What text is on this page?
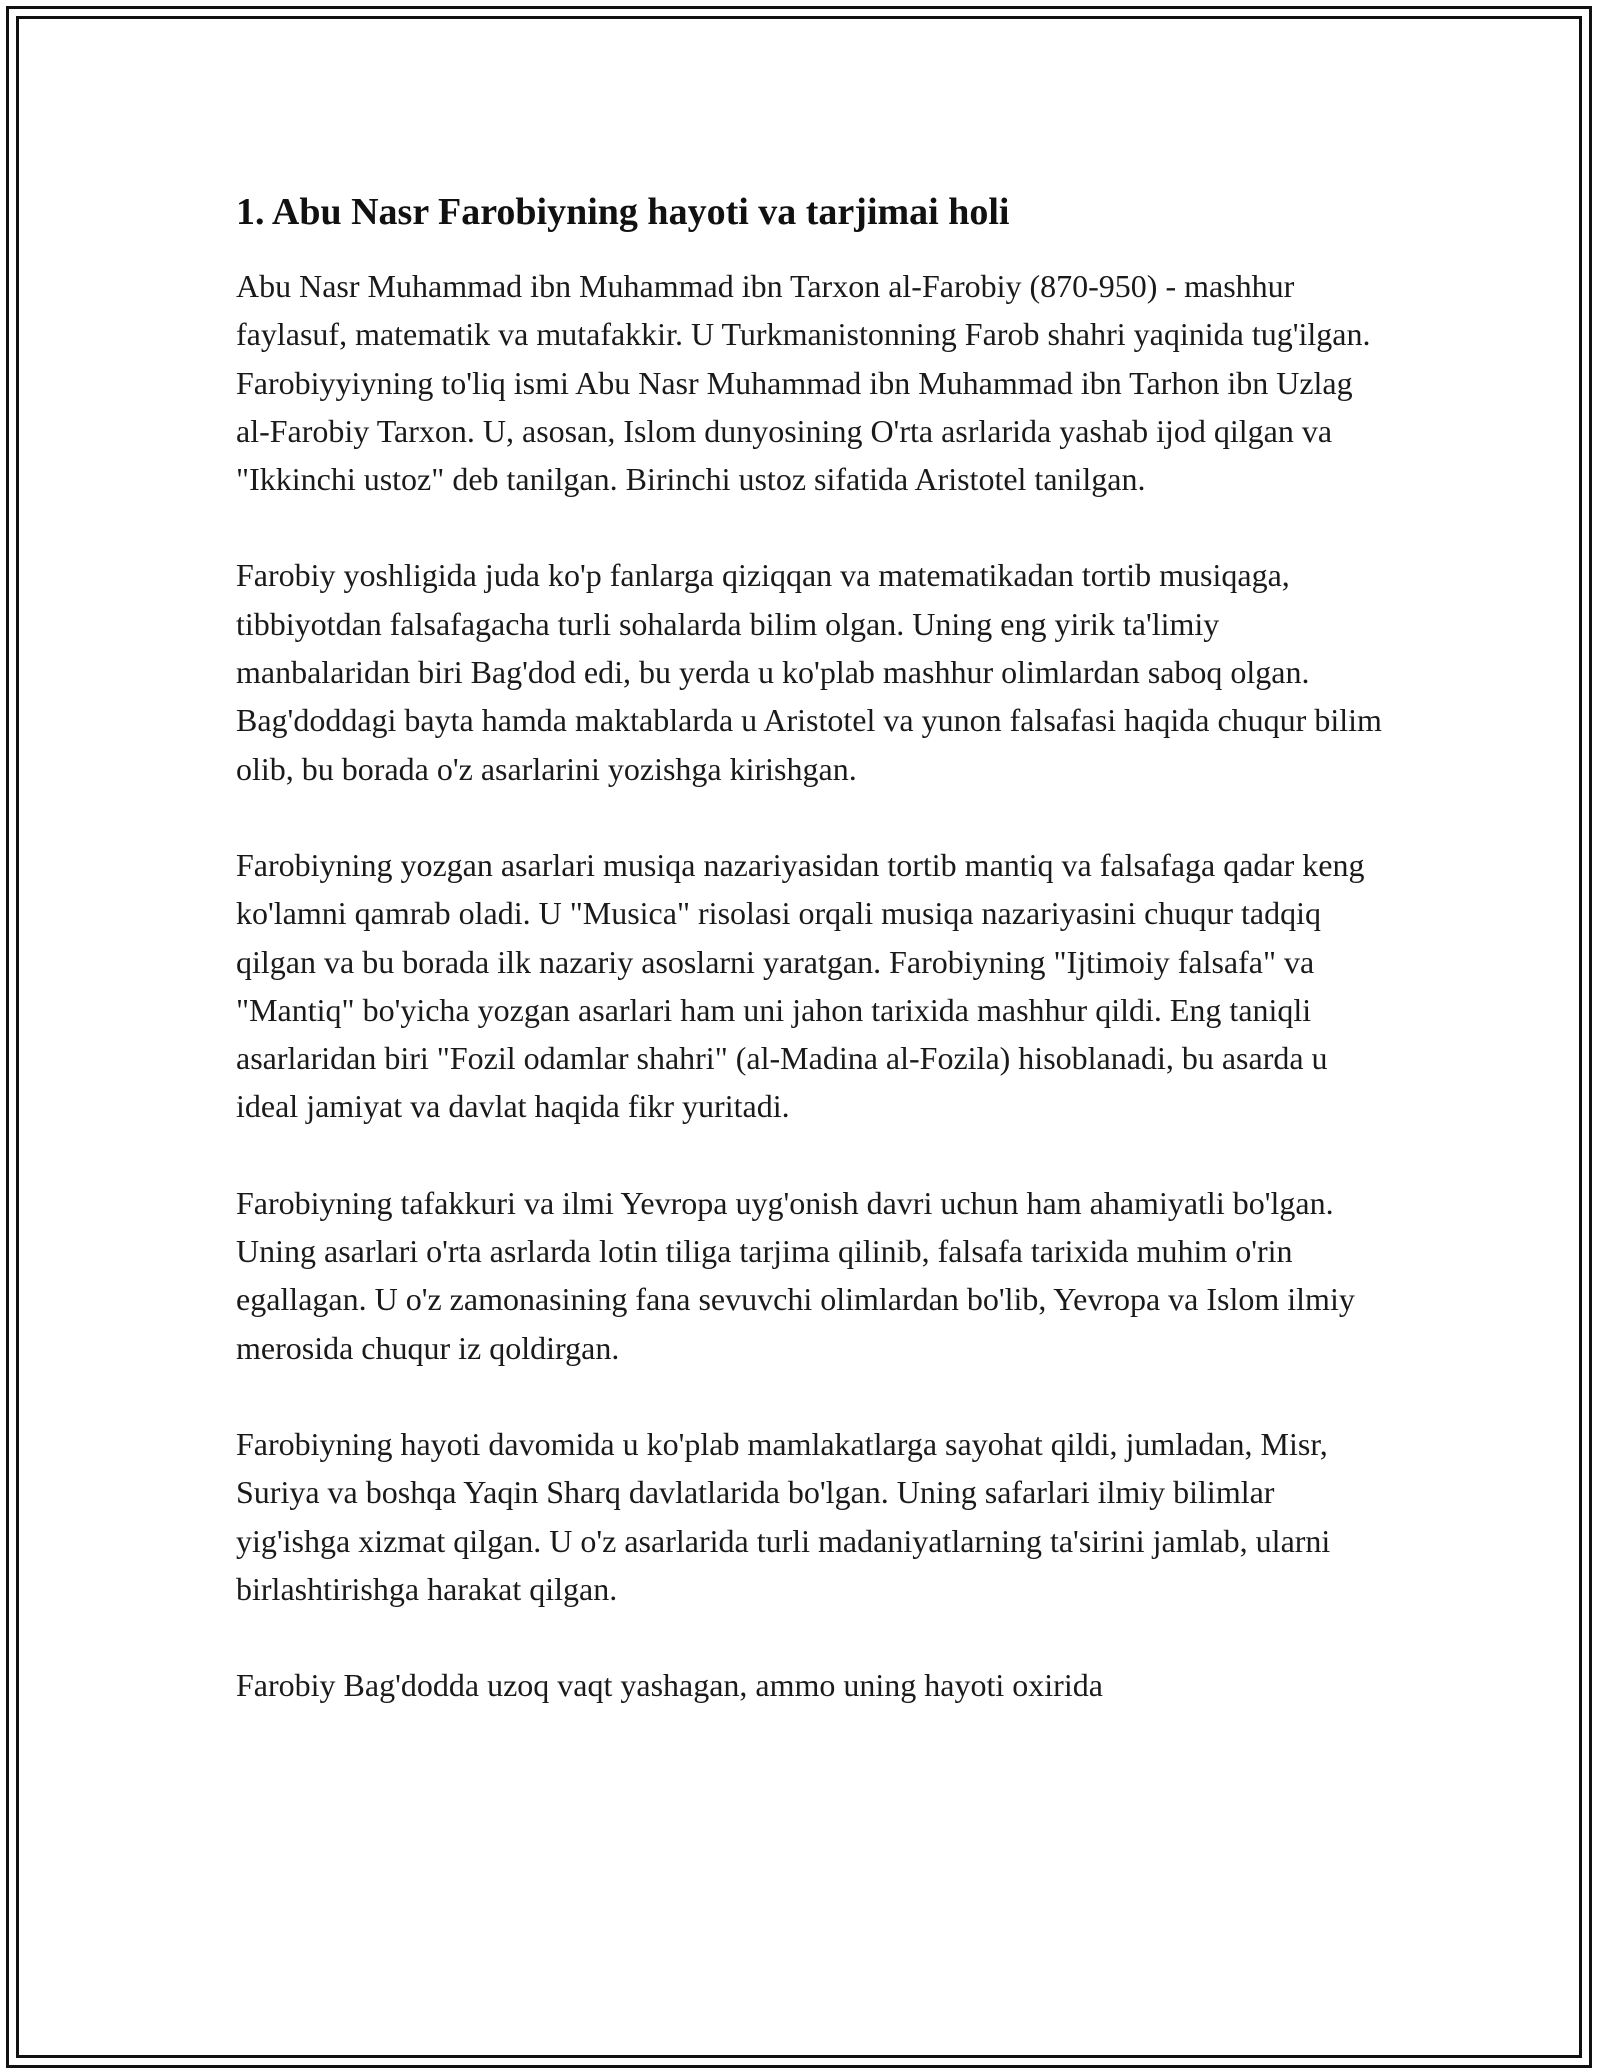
1. Abu Nasr Farobiyning hayoti va tarjimai holi

Abu Nasr Muhammad ibn Muhammad ibn Tarxon al-Farobiy (870-950) - mashhur faylasuf, matematik va mutafakkir. U Turkmanistonning Farob shahri yaqinida tug'ilgan. Farobiyyiyning to'liq ismi Abu Nasr Muhammad ibn Muhammad ibn Tarhon ibn Uzlag al-Farobiy Tarxon. U, asosan, Islom dunyosining O'rta asrlarida yashab ijod qilgan va "Ikkinchi ustoz" deb tanilgan. Birinchi ustoz sifatida Aristotel tanilgan.

Farobiy yoshligida juda ko'p fanlarga qiziqqan va matematikadan tortib musiqaga, tibbiyotdan falsafagacha turli sohalarda bilim olgan. Uning eng yirik ta'limiy manbalaridan biri Bag'dod edi, bu yerda u ko'plab mashhur olimlardan saboq olgan. Bag'doddagi bayta hamda maktablarda u Aristotel va yunon falsafasi haqida chuqur bilim olib, bu borada o'z asarlarini yozishga kirishgan.

Farobiyning yozgan asarlari musiqa nazariyasidan tortib mantiq va falsafaga qadar keng ko'lamni qamrab oladi. U "Musica" risolasi orqali musiqa nazariyasini chuqur tadqiq qilgan va bu borada ilk nazariy asoslarni yaratgan. Farobiyning "Ijtimoiy falsafa" va "Mantiq" bo'yicha yozgan asarlari ham uni jahon tarixida mashhur qildi. Eng taniqli asarlaridan biri "Fozil odamlar shahri" (al-Madina al-Fozila) hisoblanadi, bu asarda u ideal jamiyat va davlat haqida fikr yuritadi.

Farobiyning tafakkuri va ilmi Yevropa uyg'onish davri uchun ham ahamiyatli bo'lgan. Uning asarlari o'rta asrlarda lotin tiliga tarjima qilinib, falsafa tarixida muhim o'rin egallagan. U o'z zamonasining fana sevuvchi olimlardan bo'lib, Yevropa va Islom ilmiy merosida chuqur iz qoldirgan.

Farobiyning hayoti davomida u ko'plab mamlakatlarga sayohat qildi, jumladan, Misr, Suriya va boshqa Yaqin Sharq davlatlarida bo'lgan. Uning safarlari ilmiy bilimlar yig'ishga xizmat qilgan. U o'z asarlarida turli madaniyatlarning ta'sirini jamlab, ularni birlashtirishga harakat qilgan.

Farobiy Bag'dodda uzoq vaqt yashagan, ammo uning hayoti oxirida
